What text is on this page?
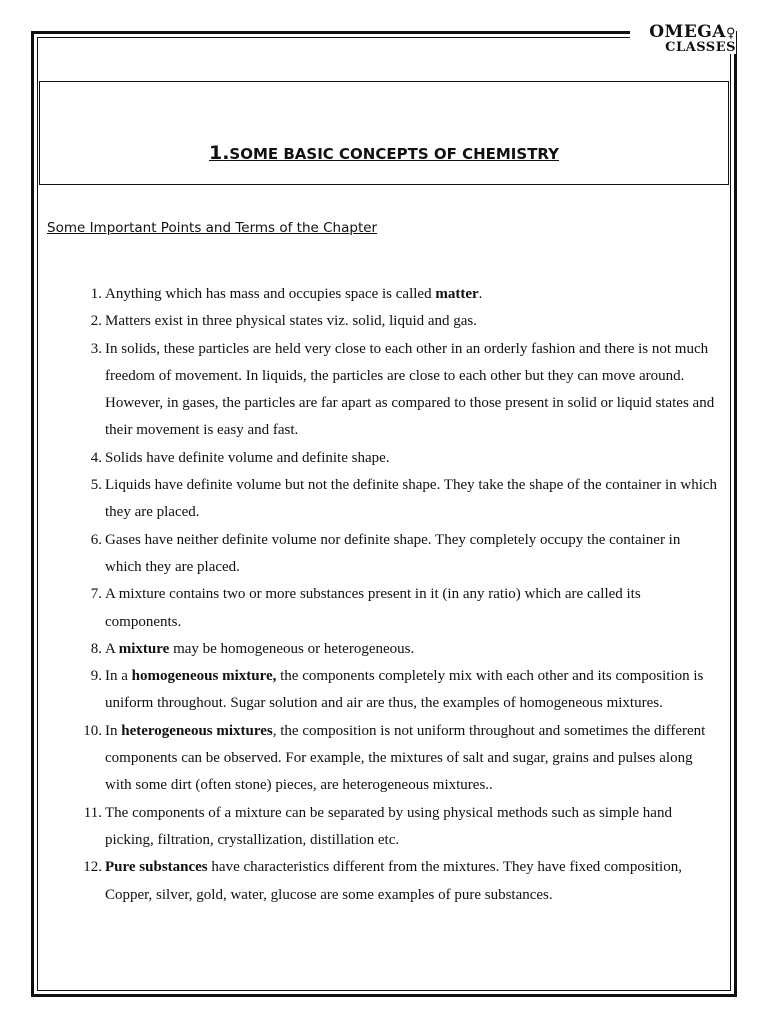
OMEGA♀
CLASSES
1.SOME BASIC CONCEPTS OF CHEMISTRY
Some Important Points and Terms of the Chapter
1. Anything which has mass and occupies space is called matter.
2. Matters exist in three physical states viz. solid, liquid and gas.
3. In solids, these particles are held very close to each other in an orderly fashion and there is not much freedom of movement. In liquids, the particles are close to each other but they can move around. However, in gases, the particles are far apart as compared to those present in solid or liquid states and their movement is easy and fast.
4. Solids have definite volume and definite shape.
5. Liquids have definite volume but not the definite shape. They take the shape of the container in which they are placed.
6. Gases have neither definite volume nor definite shape. They completely occupy the container in which they are placed.
7. A mixture contains two or more substances present in it (in any ratio) which are called its components.
8. A mixture may be homogeneous or heterogeneous.
9. In a homogeneous mixture, the components completely mix with each other and its composition is uniform throughout. Sugar solution and air are thus, the examples of homogeneous mixtures.
10. In heterogeneous mixtures, the composition is not uniform throughout and sometimes the different components can be observed. For example, the mixtures of salt and sugar, grains and pulses along with some dirt (often stone) pieces, are heterogeneous mixtures..
11. The components of a mixture can be separated by using physical methods such as simple hand picking, filtration, crystallization, distillation etc.
12. Pure substances have characteristics different from the mixtures. They have fixed composition, Copper, silver, gold, water, glucose are some examples of pure substances.
